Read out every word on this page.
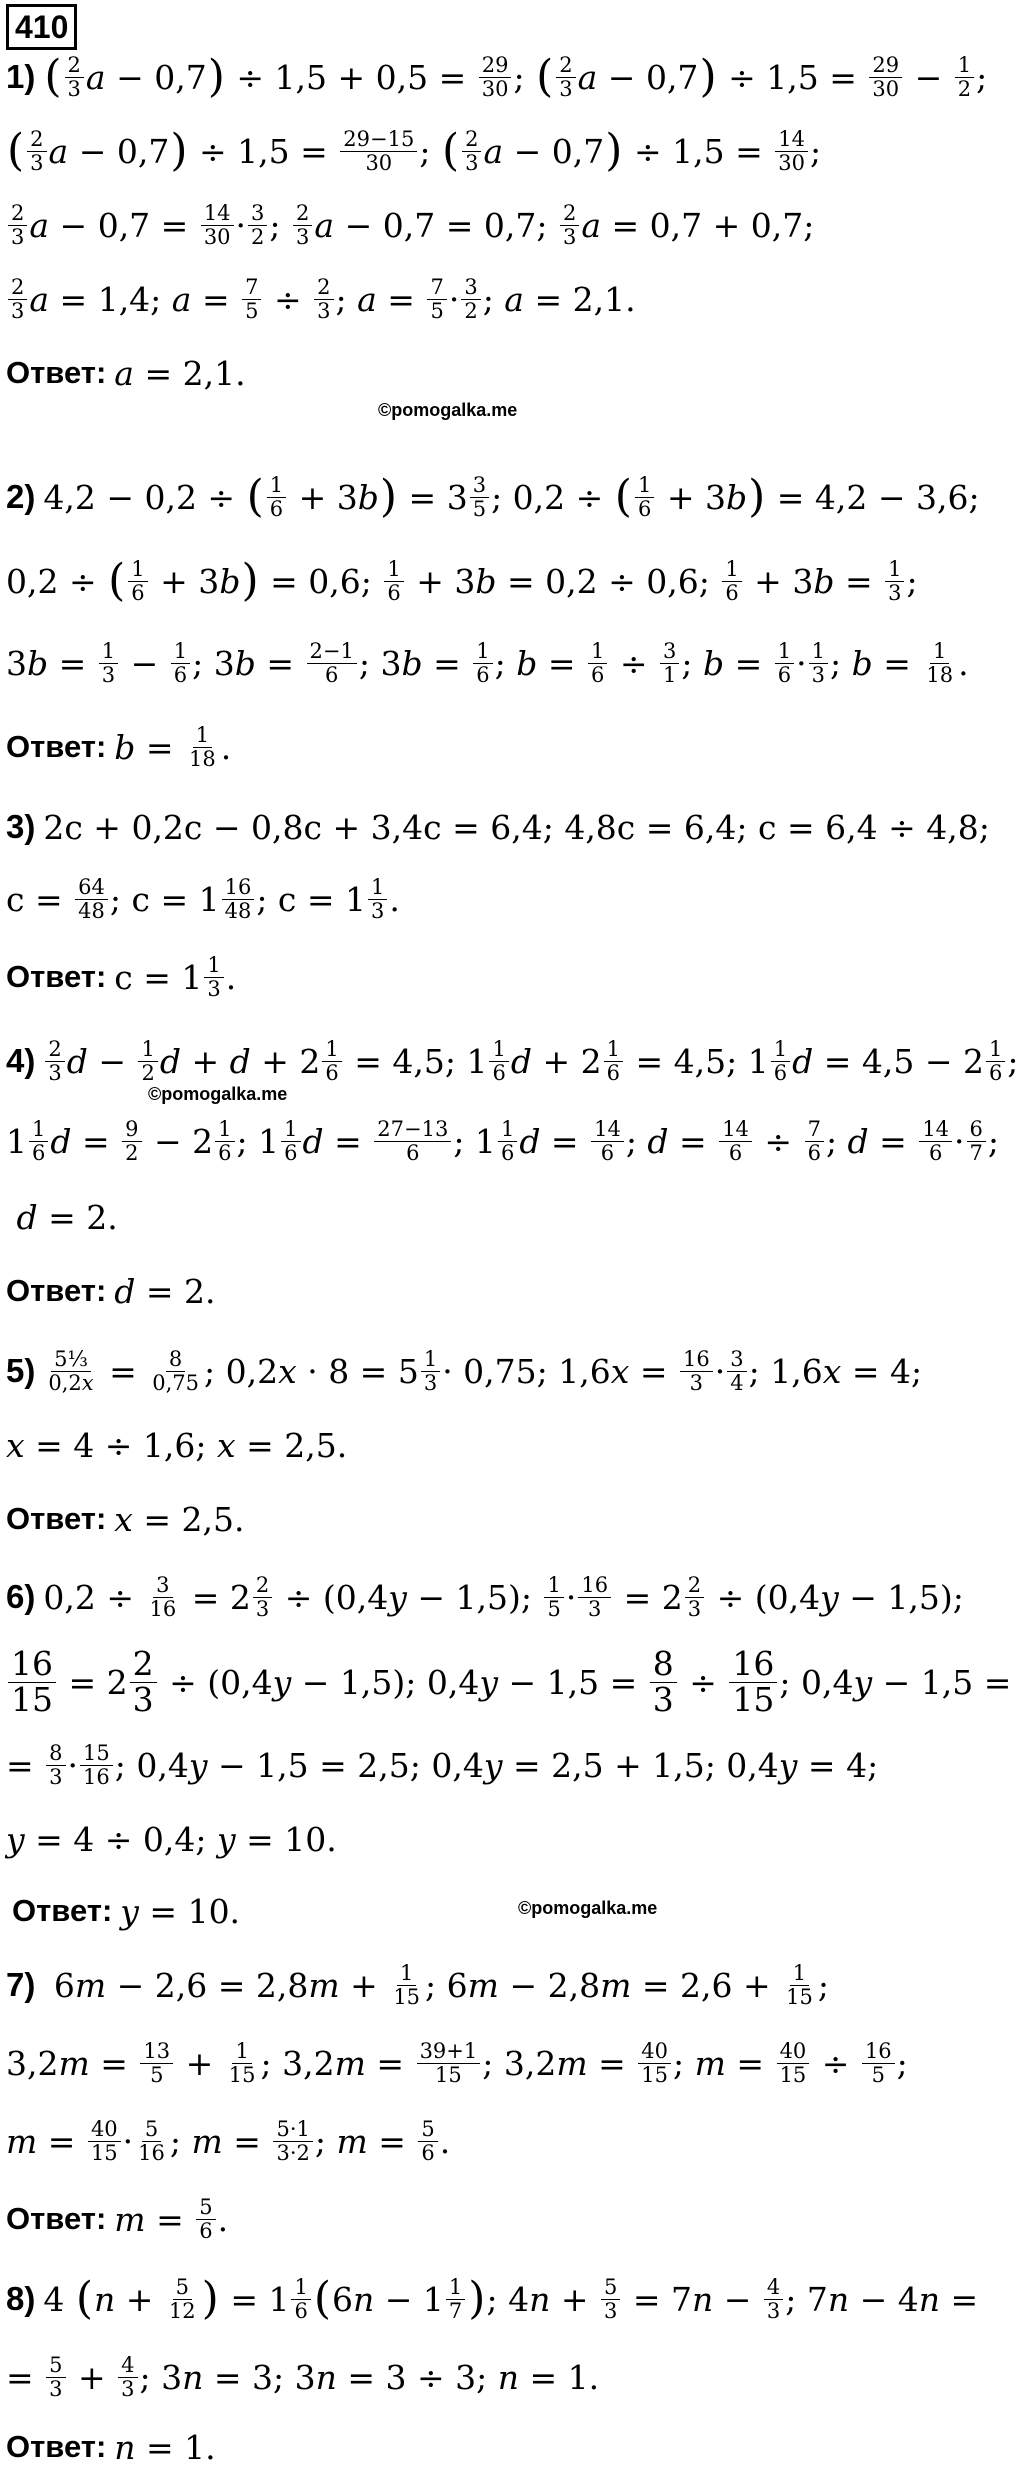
410
1) ( $\frac{2}{3}$ a − 0,7 ) ÷ $1,5 + 0,5 = \frac{29}{30}$ ; ( $\frac{2}{3}$ a − 0,7 ) ÷ $1,5 = \frac{29}{30} - \frac{1}{2}$ ;
( $\frac{2}{3}$ a − 0,7 ) ÷ $1,5 = \frac{29-15}{30}$ ; ( $\frac{2}{3}$ a − 0,7 ) ÷ $1,5 = \frac{14}{30}$ ;
$\frac{2}{3}$ $a - 0,7 = \frac{14}{30} \cdot \frac{3}{2}$ ; $\frac{2}{3}$ a − 0,7 = 0,7; $\frac{2}{3}$ a = 0,7 + 0,7;
$\frac{2}{3}$ a = 1,4; $a = \frac{7}{5} \div \frac{2}{3}$ ; $a = \frac{7}{5} \cdot \frac{3}{2}$ ; a = 2,1.
Ответ: a = 2,1.
©pomogalka.me
2) 4,2 − 0,2 ÷ ( $\frac{1}{6} + 3$ b ) = $3 \frac{3}{5}$ ; 0,2 ÷ ( $\frac{1}{6} + 3$ b ) = 4,2 − 3,6;
0,2 ÷ ( $\frac{1}{6} + 3$ b ) = 0,6; $\frac{1}{6} + 3$ b = 0,2 ÷ 0,6; $\frac{1}{6} + 3$ $b = \frac{1}{3}$ ;
3 $b = \frac{1}{3} - \frac{1}{6}$ ; 3 $b = \frac{2-1}{6}$ ; 3 $b = \frac{1}{6}$ ; $b = \frac{1}{6} \div \frac{3}{1}$ ; $b = \frac{1}{6} \cdot \frac{1}{3}$ ; $b = \frac{1}{18}$ .
Ответ: $b = \frac{1}{18}$ .
3) 2c + 0,2c − 0,8c + 3,4c = 6,4; 4,8c = 6,4; c = 6,4 ÷ 4,8;
$c = \frac{64}{48}$ ; $c = 1 \frac{16}{48}$ ; $c = 1 \frac{1}{3}$ .
Ответ: $c = 1 \frac{1}{3}$ .
$4) \frac{2}{3}$ $d - \frac{1}{2}$ $d + d + 2 \frac{1}{6} = 4,5$; $1 \frac{1}{6}$ $d + 2 \frac{1}{6} = 4,5$; $1 \frac{1}{6}$ $d = 4,5 - 2 \frac{1}{6}$ ;
©pomogalka.me
$1 \frac{1}{6}$ $d = \frac{9}{2} - 2 \frac{1}{6}$ ; $1 \frac{1}{6}$ $d = \frac{27-13}{6}$ ; $1 \frac{1}{6}$ $d = \frac{14}{6}$ ; $d = \frac{14}{6} \div \frac{7}{6}$ ; $d = \frac{14}{6} \cdot \frac{6}{7}$ ;

d = 2.
Ответ: d = 2.
$5) \frac{\text{5⅓}}{0,2x} = \frac{8}{0,75}$ ; 0,2 $x \cdot 8 = 5 \frac{1}{3} \cdot 0,75$; 1,6 $x = \frac{16}{3} \cdot \frac{3}{4}$ ; 1,6 x = 4;
x = 4 ÷ 1,6; x = 2,5.
Ответ: x = 2,5.
6) $0,2 \div \frac{3}{16} = 2 \frac{2}{3} \div (0,4$ y − 1,5); $\frac{1}{5} \cdot \frac{16}{3} = 2 \frac{2}{3} \div (0,4$ y − 1,5);
$\frac{16}{15} = 2 \frac{2}{3} \div (0,4$ y − 1,5); 0,4 $y - 1,5 = \frac{8}{3} \div \frac{16}{15}$ ; 0,4 y − 1,5 =
= $\frac{8}{3} \cdot \frac{15}{16}$ ; 0,4 y − 1,5 = 2,5; 0,4 y = 2,5 + 1,5; 0,4 y = 4;
y = 4 ÷ 0,4; y = 10.
Ответ: y = 10.	©pomogalka.me
7) 6 m − 2,6 = 2,8 $m + \frac{1}{15}$ ; 6 m − 2,8 $m = 2,6 + \frac{1}{15}$ ;
3,2 $m = \frac{13}{5} + \frac{1}{15}$ ; 3,2 $m = \frac{39+1}{15}$ ; 3,2 $m = \frac{40}{15}$ ; $m = \frac{40}{15} \div \frac{16}{5}$ ;
$m = \frac{40}{15} \cdot \frac{5}{16}$ ; $m = \frac{5\cdot 1}{3\cdot 2}$ ; $m = \frac{5}{6}$ .
Ответ: $m = \frac{5}{6}$ .
8) 4 ( $n + \frac{5}{12}$ ) = $1 \frac{1}{6}$ ( 6 $n - 1 \frac{1}{7}$ ) ; 4 $n + \frac{5}{3} = 7$ $n - \frac{4}{3}$ ; 7 n − 4 n =
= $\frac{5}{3} + \frac{4}{3}$ ; 3 n = 3; 3 n = 3 ÷ 3; n = 1.
Ответ: n = 1.
